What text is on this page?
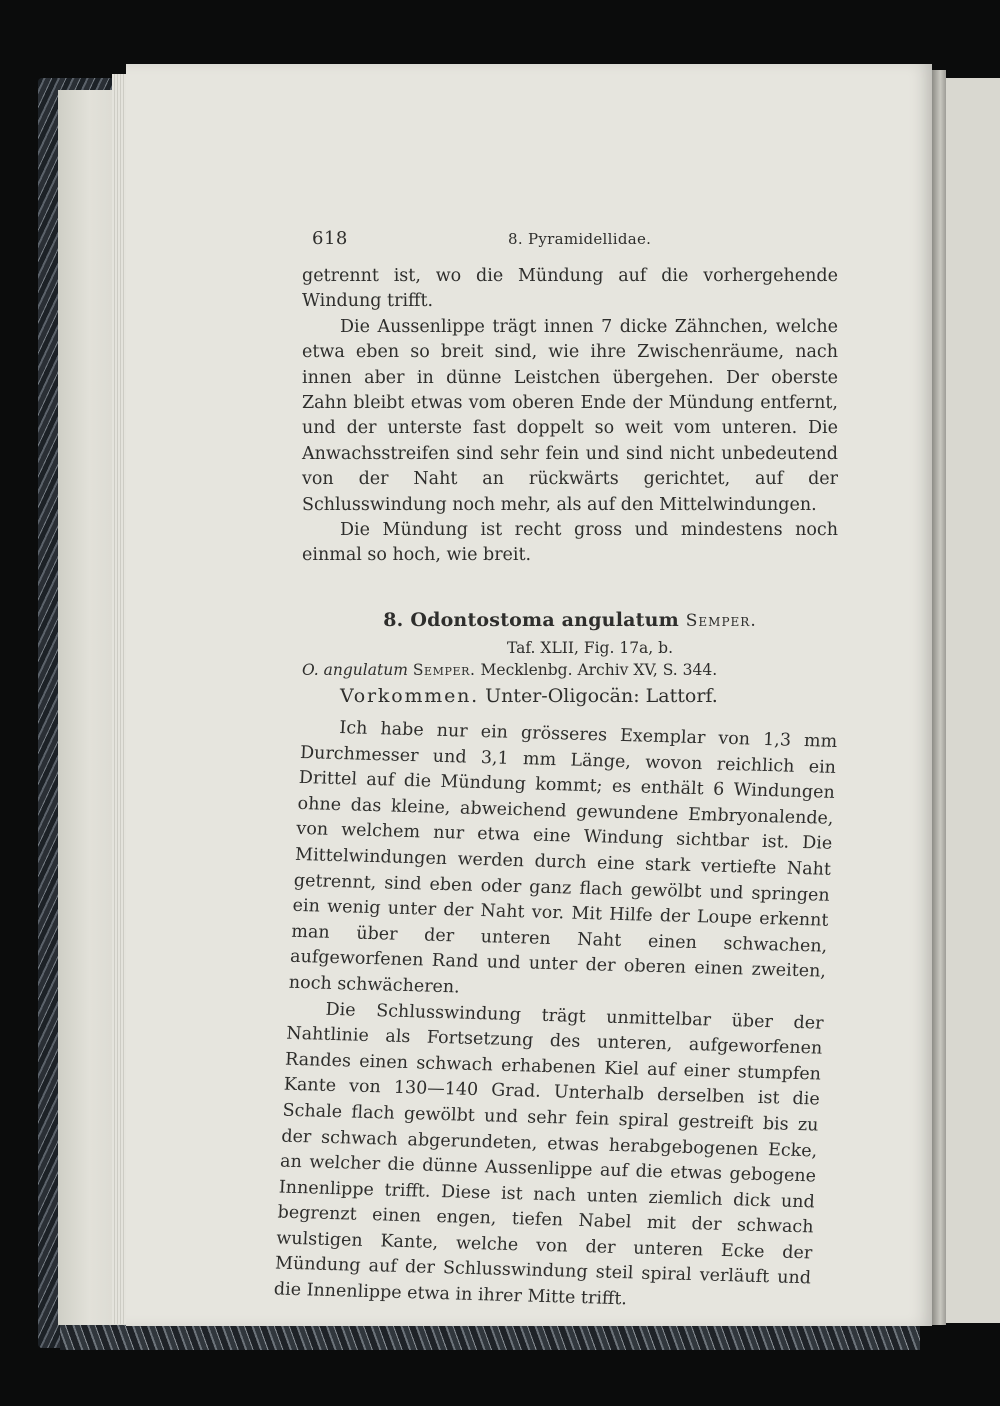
618	8. Pyramidellidae.

getrennt ist, wo die Mündung auf die vorhergehende Windung trifft.

Die Aussenlippe trägt innen 7 dicke Zähnchen, welche etwa eben so breit sind, wie ihre Zwischenräume, nach innen aber in dünne Leistchen übergehen. Der oberste Zahn bleibt etwas vom oberen Ende der Mündung entfernt, und der unterste fast doppelt so weit vom unteren. Die Anwachsstreifen sind sehr fein und sind nicht unbedeutend von der Naht an rückwärts gerichtet, auf der Schlusswindung noch mehr, als auf den Mittelwindungen.

Die Mündung ist recht gross und mindestens noch einmal so hoch, wie breit.

8. Odontostoma angulatum Semper.
Taf. XLII, Fig. 17a, b.
O. angulatum Semper. Mecklenbg. Archiv XV, S. 344.
Vorkommen. Unter-Oligocän: Lattorf.

Ich habe nur ein grösseres Exemplar von 1,3 mm Durchmesser und 3,1 mm Länge, wovon reichlich ein Drittel auf die Mündung kommt; es enthält 6 Windungen ohne das kleine, abweichend gewundene Embryonalende, von welchem nur etwa eine Windung sichtbar ist. Die Mittelwindungen werden durch eine stark vertiefte Naht getrennt, sind eben oder ganz flach gewölbt und springen ein wenig unter der Naht vor. Mit Hilfe der Loupe erkennt man über der unteren Naht einen schwachen, aufgeworfenen Rand und unter der oberen einen zweiten, noch schwächeren.

Die Schlusswindung trägt unmittelbar über der Nahtlinie als Fortsetzung des unteren, aufgeworfenen Randes einen schwach erhabenen Kiel auf einer stumpfen Kante von 130—140 Grad. Unterhalb derselben ist die Schale flach gewölbt und sehr fein spiral gestreift bis zu der schwach abgerundeten, etwas herabgebogenen Ecke, an welcher die dünne Aussenlippe auf die etwas gebogene Innenlippe trifft. Diese ist nach unten ziemlich dick und begrenzt einen engen, tiefen Nabel mit der schwach wulstigen Kante, welche von der unteren Ecke der Mündung auf der Schlusswindung steil spiral verläuft und die Innenlippe etwa in ihrer Mitte trifft.
